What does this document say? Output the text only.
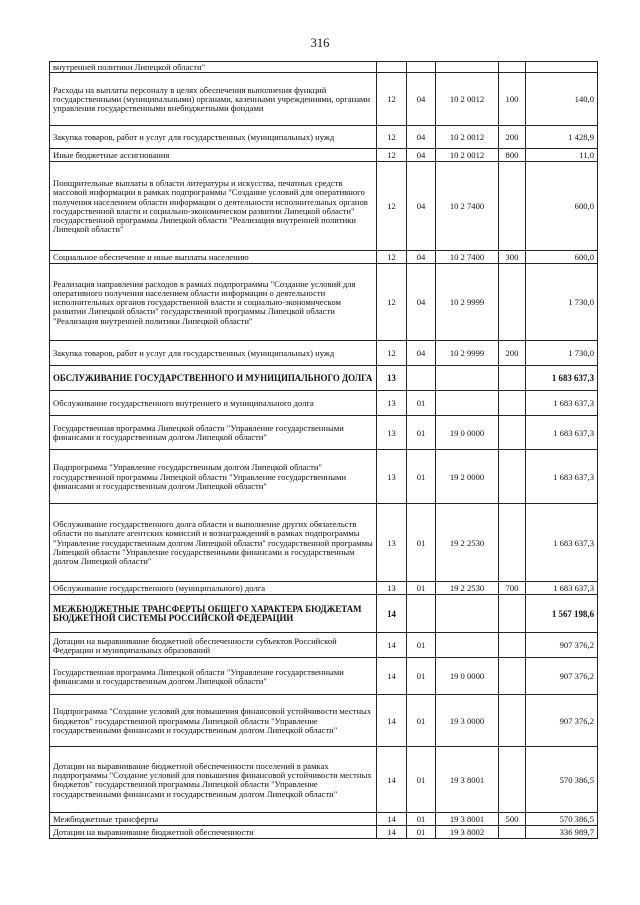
316
внутренней политики Липецкой области"					
Расходы на выплаты персоналу в целях обеспечения выполнения функций государственными (муниципальными) органами, казенными учреждениями, органами управления государственными внебюджетными фондами	12	04	10 2 0012	100	140,0
Закупка товаров, работ и услуг для государственных (муниципальных) нужд	12	04	10 2 0012	200	1 428,9
Иные бюджетные ассигнования	12	04	10 2 0012	800	11,0
Поощрительные выплаты в области литературы и искусства, печатных средств массовой информации в рамках подпрограммы "Создание условий для оперативного получения населением области информации о деятельности исполнительных органов государственной власти и социально-экономическом развитии Липецкой области" государственной программы Липецкой области "Реализация внутренней политики Липецкой области"	12	04	10 2 7400		600,0
Социальное обеспечение и иные выплаты населению	12	04	10 2 7400	300	600,0
Реализация направления расходов в рамках подпрограммы "Создание условий для оперативного получения населением области информации о деятельности исполнительных органов государственной власти и социально-экономическом развитии Липецкой области" государственной программы Липецкой области "Реализация внутренней политики Липецкой области"	12	04	10 2 9999		1 730,0
Закупка товаров, работ и услуг для государственных (муниципальных) нужд	12	04	10 2 9999	200	1 730,0
ОБСЛУЖИВАНИЕ ГОСУДАРСТВЕННОГО И МУНИЦИПАЛЬНОГО ДОЛГА	13				1 683 637,3
Обслуживание государственного внутреннего и муниципального долга	13	01			1 683 637,3
Государственная программа Липецкой области "Управление государственными финансами и государственным долгом Липецкой области"	13	01	19 0 0000		1 683 637,3
Подпрограмма "Управление государственным долгом Липецкой области" государственной программы Липецкой области "Управление государственными финансами и государственным долгом Липецкой области"	13	01	19 2 0000		1 683 637,3
Обслуживание государственного долга области и выполнение других обязательств области по выплате агентских комиссий и вознаграждений в рамках подпрограммы "Управление государственным долгом Липецкой области" государственной программы Липецкой области "Управление государственными финансами и государственным долгом Липецкой области"	13	01	19 2 2530		1 683 637,3
Обслуживание государственного (муниципального) долга	13	01	19 2 2530	700	1 683 637,3
МЕЖБЮДЖЕТНЫЕ ТРАНСФЕРТЫ ОБЩЕГО ХАРАКТЕРА БЮДЖЕТАМ БЮДЖЕТНОЙ СИСТЕМЫ РОССИЙСКОЙ ФЕДЕРАЦИИ	14				1 567 198,6
Дотации на выравнивание бюджетной обеспеченности субъектов Российской Федерации и муниципальных образований	14	01			907 376,2
Государственная программа Липецкой области "Управление государственными финансами и государственным долгом Липецкой области"	14	01	19 0 0000		907 376,2
Подпрограмма "Создание условий для повышения финансовой устойчивости местных бюджетов" государственной программы Липецкой области "Управление государственными финансами и государственным долгом Липецкой области"	14	01	19 3 0000		907 376,2
Дотации на выравнивание бюджетной обеспеченности поселений в рамках подпрограммы "Создание условий для повышения финансовой устойчивости местных бюджетов" государственной программы Липецкой области "Управление государственными финансами и государственным долгом Липецкой области"	14	01	19 3 8001		570 386,5
Межбюджетные трансферты	14	01	19 3 8001	500	570 386,5
Дотации на выравнивание бюджетной обеспеченности	14	01	19 3 8002		336 989,7
